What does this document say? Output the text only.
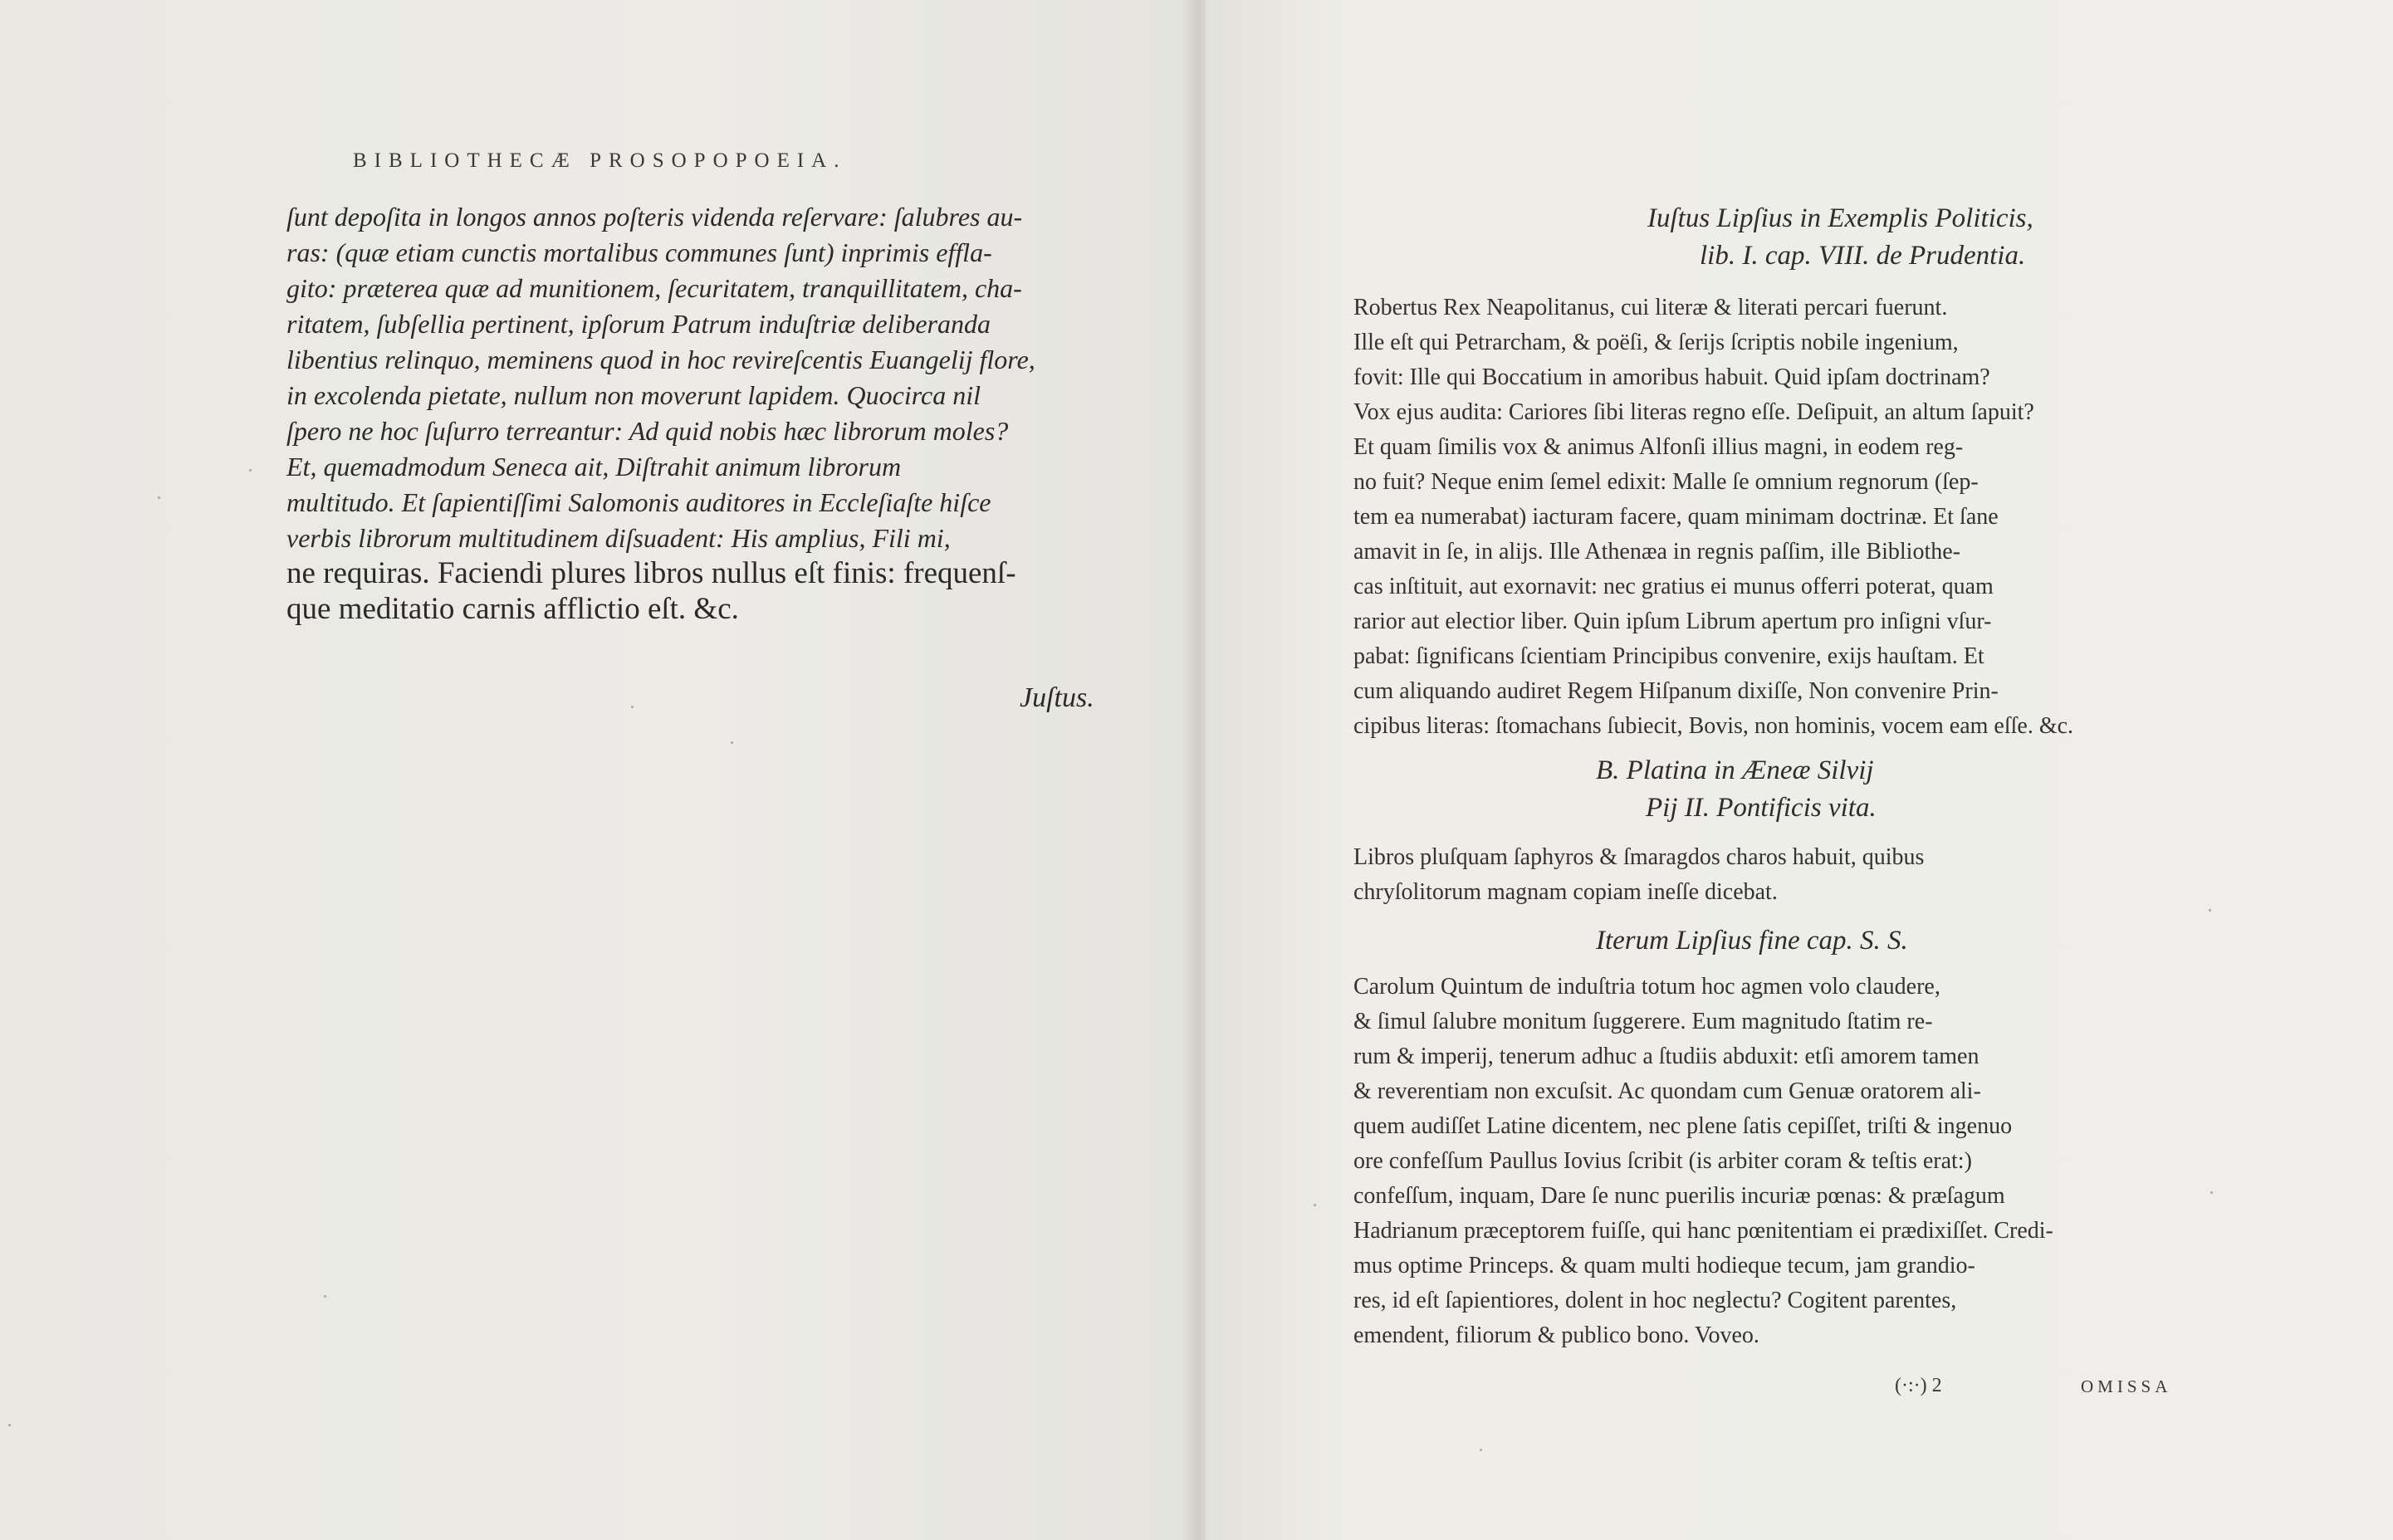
BIBLIOTHECÆ PROSOPOPOEIA.
ſunt depoſita in longos annos poſteris videnda reſervare: ſalubres au-
ras: (quæ etiam cunctis mortalibus communes ſunt) inprimis effla-
gito: præterea quæ ad munitionem, ſecuritatem, tranquillitatem, cha-
ritatem, ſubſellia pertinent, ipſorum Patrum induſtriæ deliberanda
libentius relinquo, meminens quod in hoc revireſcentis Euangelij flore,
in excolenda pietate, nullum non moverunt lapidem. Quocirca nil
ſpero ne hoc ſuſurro terreantur: Ad quid nobis hæc librorum moles?
Et, quemadmodum Seneca ait, Diſtrahit animum librorum
multitudo. Et ſapientiſſimi Salomonis auditores in Eccleſiaſte hiſce
verbis librorum multitudinem diſsuadent: His amplius, Fili mi,
ne requiras. Faciendi plures libros nullus eſt finis: frequenſ-
que meditatio carnis afflictio eſt. &c.
Juſtus.
Iuſtus Lipſius in Exemplis Politicis,
lib. I. cap. VIII. de Prudentia.
Robertus Rex Neapolitanus, cui literæ & literati percari fuerunt.
Ille eſt qui Petrarcham, & poëſi, & ſerijs ſcriptis nobile ingenium,
fovit: Ille qui Boccatium in amoribus habuit. Quid ipſam doctrinam?
Vox ejus audita: Cariores ſibi literas regno eſſe. Deſipuit, an altum ſapuit?
Et quam ſimilis vox & animus Alfonſi illius magni, in eodem reg-
no fuit? Neque enim ſemel edixit: Malle ſe omnium regnorum (ſep-
tem ea numerabat) iacturam facere, quam minimam doctrinæ. Et ſane
amavit in ſe, in alijs. Ille Athenæa in regnis paſſim, ille Bibliothe-
cas inſtituit, aut exornavit: nec gratius ei munus offerri poterat, quam
rarior aut electior liber. Quin ipſum Librum apertum pro inſigni vſur-
pabat: ſignificans ſcientiam Principibus convenire, exijs hauſtam. Et
cum aliquando audiret Regem Hiſpanum dixiſſe, Non convenire Prin-
cipibus literas: ſtomachans ſubiecit, Bovis, non hominis, vocem eam eſſe. &c.
B. Platina in Æneæ Silvij
Pij II. Pontificis vita.
Libros pluſquam ſaphyros & ſmaragdos charos habuit, quibus
chryſolitorum magnam copiam ineſſe dicebat.
Iterum Lipſius fine cap. S. S.
Carolum Quintum de induſtria totum hoc agmen volo claudere,
& ſimul ſalubre monitum ſuggerere. Eum magnitudo ſtatim re-
rum & imperij, tenerum adhuc a ſtudiis abduxit: etſi amorem tamen
& reverentiam non excuſsit. Ac quondam cum Genuæ oratorem ali-
quem audiſſet Latine dicentem, nec plene ſatis cepiſſet, triſti & ingenuo
ore confeſſum Paullus Iovius ſcribit (is arbiter coram & teſtis erat:)
confeſſum, inquam, Dare ſe nunc puerilis incuriæ pœnas: & præſagum
Hadrianum præceptorem fuiſſe, qui hanc pœnitentiam ei prædixiſſet. Credi-
mus optime Princeps. & quam multi hodieque tecum, jam grandio-
res, id eſt ſapientiores, dolent in hoc neglectu? Cogitent parentes,
emendent, filiorum & publico bono. Voveo.
(·:·) 2	OMISSA
